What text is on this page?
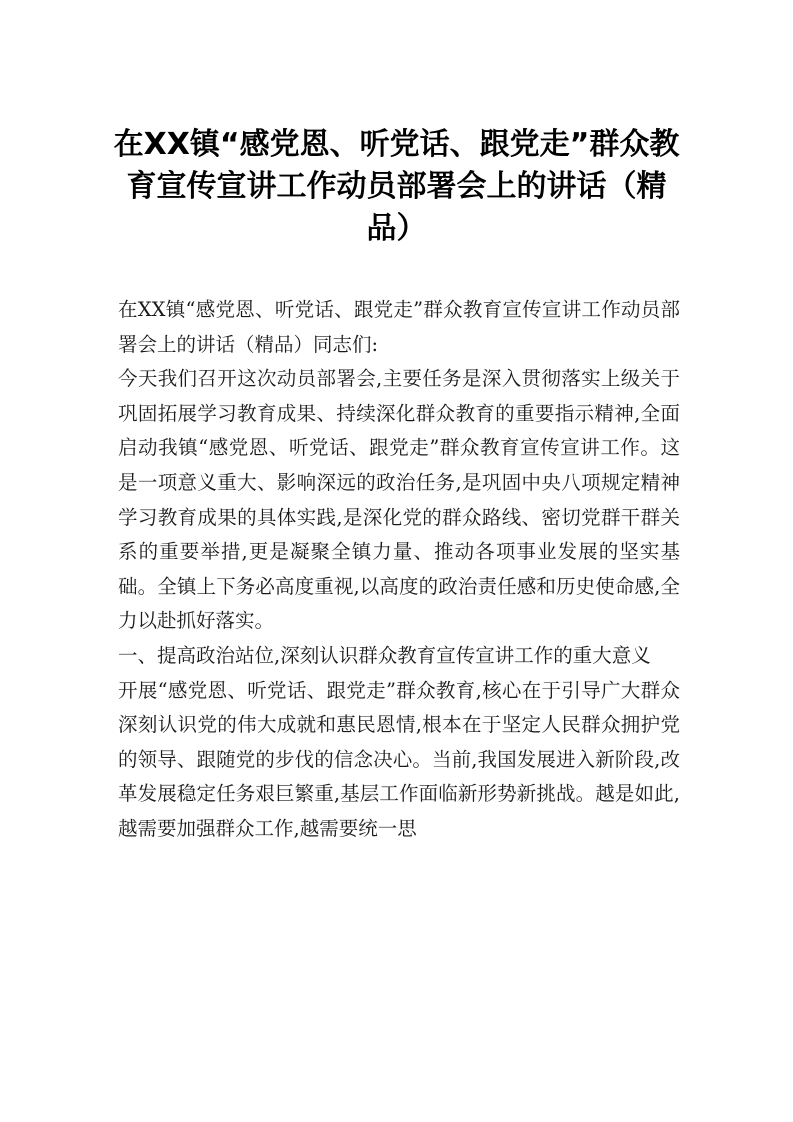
在XX镇“感党恩、听党话、跟党走”群众教育宣传宣讲工作动员部署会上的讲话（精品）

在XX镇“感党恩、听党话、跟党走”群众教育宣传宣讲工作动员部署会上的讲话（精品）同志们:

今天我们召开这次动员部署会,主要任务是深入贯彻落实上级关于巩固拓展学习教育成果、持续深化群众教育的重要指示精神,全面启动我镇“感党恩、听党话、跟党走”群众教育宣传宣讲工作。这是一项意义重大、影响深远的政治任务,是巩固中央八项规定精神学习教育成果的具体实践,是深化党的群众路线、密切党群干群关系的重要举措,更是凝聚全镇力量、推动各项事业发展的坚实基础。全镇上下务必高度重视,以高度的政治责任感和历史使命感,全力以赴抓好落实。

一、提高政治站位,深刻认识群众教育宣传宣讲工作的重大意义

开展“感党恩、听党话、跟党走”群众教育,核心在于引导广大群众深刻认识党的伟大成就和惠民恩情,根本在于坚定人民群众拥护党的领导、跟随党的步伐的信念决心。当前,我国发展进入新阶段,改革发展稳定任务艰巨繁重,基层工作面临新形势新挑战。越是如此,越需要加强群众工作,越需要统一思
